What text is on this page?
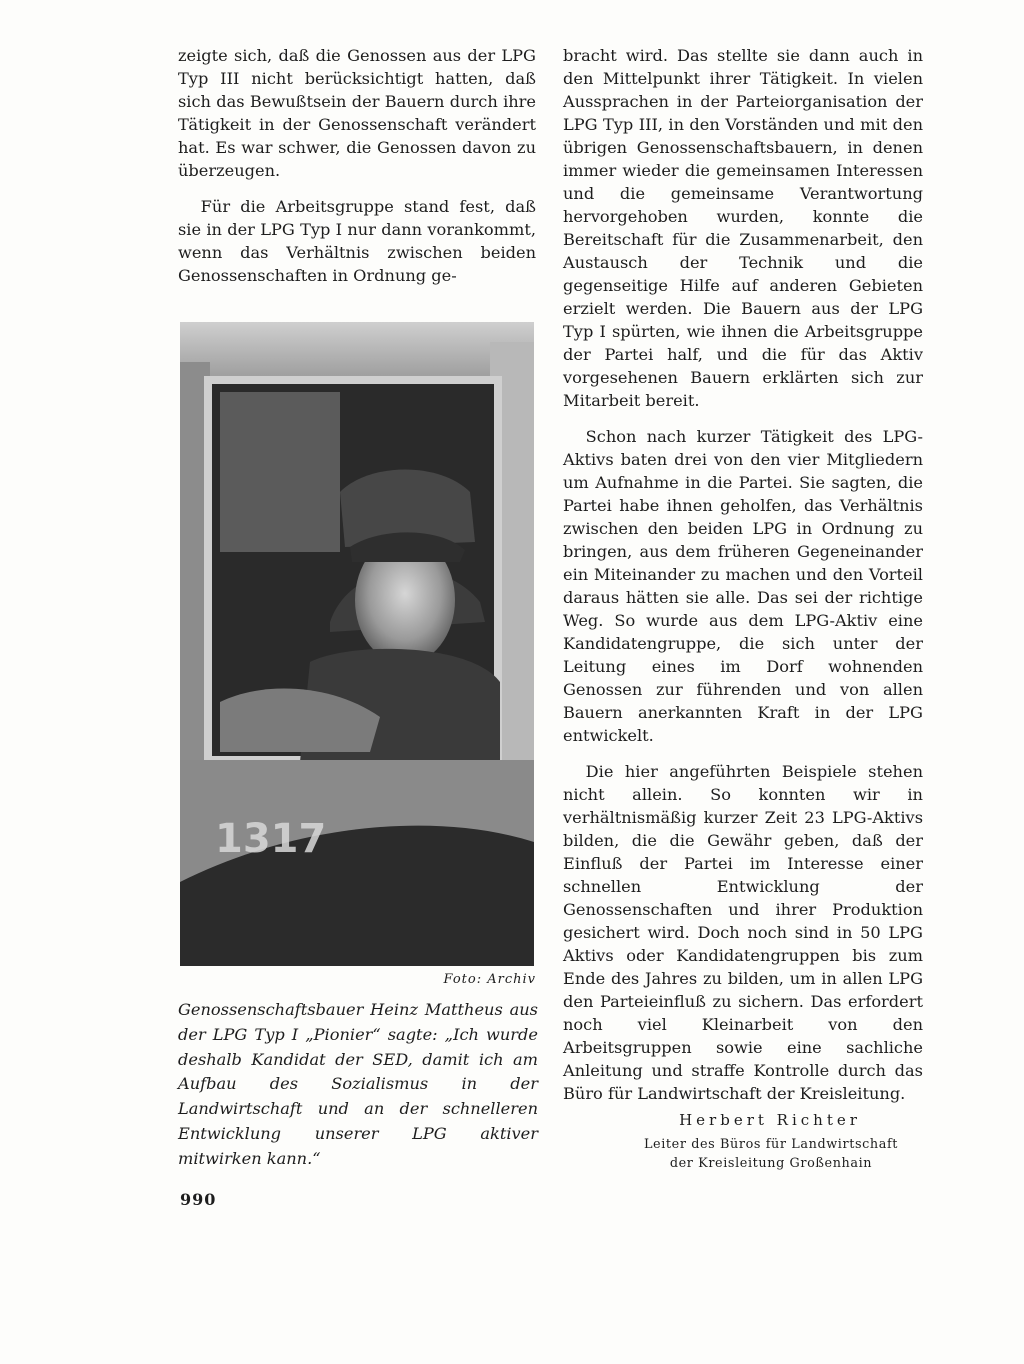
zeigte sich, daß die Genossen aus der LPG Typ III nicht berücksichtigt hatten, daß sich das Bewußtsein der Bauern durch ihre Tätigkeit in der Genossenschaft verändert hat. Es war schwer, die Genossen davon zu überzeugen.

Für die Arbeitsgruppe stand fest, daß sie in der LPG Typ I nur dann vorankommt, wenn das Verhältnis zwischen beiden Genossenschaften in Ordnung ge-

1317
Foto: Archiv
Genossenschaftsbauer Heinz Mattheus aus der LPG Typ I „Pionier“ sagte: „Ich wurde deshalb Kandidat der SED, damit ich am Aufbau des Sozialismus in der Landwirtschaft und an der schnelleren Entwicklung unserer LPG aktiver mitwirken kann.“

bracht wird. Das stellte sie dann auch in den Mittelpunkt ihrer Tätigkeit. In vielen Aussprachen in der Parteiorganisation der LPG Typ III, in den Vorständen und mit den übrigen Genossenschaftsbauern, in denen immer wieder die gemeinsamen Interessen und die gemeinsame Verantwortung hervorgehoben wurden, konnte die Bereitschaft für die Zusammenarbeit, den Austausch der Technik und die gegenseitige Hilfe auf anderen Gebieten erzielt werden. Die Bauern aus der LPG Typ I spürten, wie ihnen die Arbeitsgruppe der Partei half, und die für das Aktiv vorgesehenen Bauern erklärten sich zur Mitarbeit bereit.

Schon nach kurzer Tätigkeit des LPG-Aktivs baten drei von den vier Mitgliedern um Aufnahme in die Partei. Sie sagten, die Partei habe ihnen geholfen, das Verhältnis zwischen den beiden LPG in Ordnung zu bringen, aus dem früheren Gegeneinander ein Miteinander zu machen und den Vorteil daraus hätten sie alle. Das sei der richtige Weg. So wurde aus dem LPG-Aktiv eine Kandidatengruppe, die sich unter der Leitung eines im Dorf wohnenden Genossen zur führenden und von allen Bauern anerkannten Kraft in der LPG entwickelt.

Die hier angeführten Beispiele stehen nicht allein. So konnten wir in verhältnismäßig kurzer Zeit 23 LPG-Aktivs bilden, die die Gewähr geben, daß der Einfluß der Partei im Interesse einer schnellen Entwicklung der Genossenschaften und ihrer Produktion gesichert wird. Doch noch sind in 50 LPG Aktivs oder Kandidatengruppen bis zum Ende des Jahres zu bilden, um in allen LPG den Parteieinfluß zu sichern. Das erfordert noch viel Kleinarbeit von den Arbeitsgruppen sowie eine sachliche Anleitung und straffe Kontrolle durch das Büro für Landwirtschaft der Kreisleitung.

Herbert Richter
Leiter des Büros für Landwirtschaft
der Kreisleitung Großenhain
990
